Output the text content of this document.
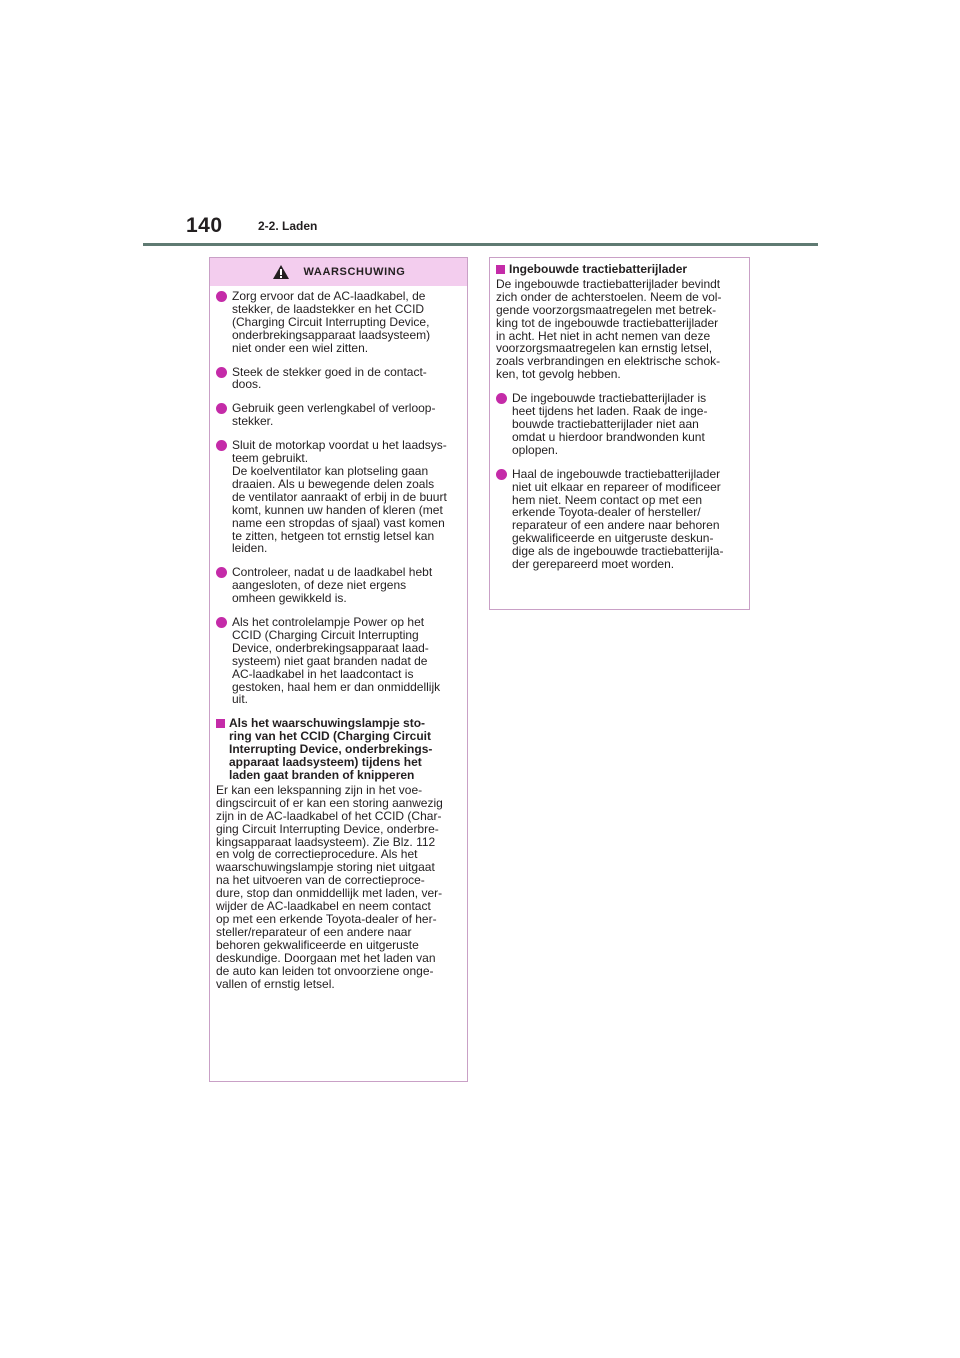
140	2-2. Laden
WAARSCHUWING
Zorg ervoor dat de AC-laadkabel, de
stekker, de laadstekker en het CCID
(Charging Circuit Interrupting Device,
onderbrekingsapparaat laadsysteem)
niet onder een wiel zitten.
Steek de stekker goed in de contact-
doos.
Gebruik geen verlengkabel of verloop-
stekker.
Sluit de motorkap voordat u het laadsys-
teem gebruikt.
De koelventilator kan plotseling gaan
draaien. Als u bewegende delen zoals
de ventilator aanraakt of erbij in de buurt
komt, kunnen uw handen of kleren (met
name een stropdas of sjaal) vast komen
te zitten, hetgeen tot ernstig letsel kan
leiden.
Controleer, nadat u de laadkabel hebt
aangesloten, of deze niet ergens
omheen gewikkeld is.
Als het controlelampje Power op het
CCID (Charging Circuit Interrupting
Device, onderbrekingsapparaat laad-
systeem) niet gaat branden nadat de
AC-laadkabel in het laadcontact is
gestoken, haal hem er dan onmiddellijk
uit.
Als het waarschuwingslampje sto-
ring van het CCID (Charging Circuit
Interrupting Device, onderbrekings-
apparaat laadsysteem) tijdens het
laden gaat branden of knipperen
Er kan een lekspanning zijn in het voe-
dingscircuit of er kan een storing aanwezig
zijn in de AC-laadkabel of het CCID (Char-
ging Circuit Interrupting Device, onderbre-
kingsapparaat laadsysteem). Zie Blz. 112
en volg de correctieprocedure. Als het
waarschuwingslampje storing niet uitgaat
na het uitvoeren van de correctieproce-
dure, stop dan onmiddellijk met laden, ver-
wijder de AC-laadkabel en neem contact
op met een erkende Toyota-dealer of her-
steller/reparateur of een andere naar
behoren gekwalificeerde en uitgeruste
deskundige. Doorgaan met het laden van
de auto kan leiden tot onvoorziene onge-
vallen of ernstig letsel.
Ingebouwde tractiebatterijlader
De ingebouwde tractiebatterijlader bevindt
zich onder de achterstoelen. Neem de vol-
gende voorzorgsmaatregelen met betrek-
king tot de ingebouwde tractiebatterijlader
in acht. Het niet in acht nemen van deze
voorzorgsmaatregelen kan ernstig letsel,
zoals verbrandingen en elektrische schok-
ken, tot gevolg hebben.
De ingebouwde tractiebatterijlader is
heet tijdens het laden. Raak de inge-
bouwde tractiebatterijlader niet aan
omdat u hierdoor brandwonden kunt
oplopen.
Haal de ingebouwde tractiebatterijlader
niet uit elkaar en repareer of modificeer
hem niet. Neem contact op met een
erkende Toyota-dealer of hersteller/
reparateur of een andere naar behoren
gekwalificeerde en uitgeruste deskun-
dige als de ingebouwde tractiebatterijla-
der gerepareerd moet worden.
